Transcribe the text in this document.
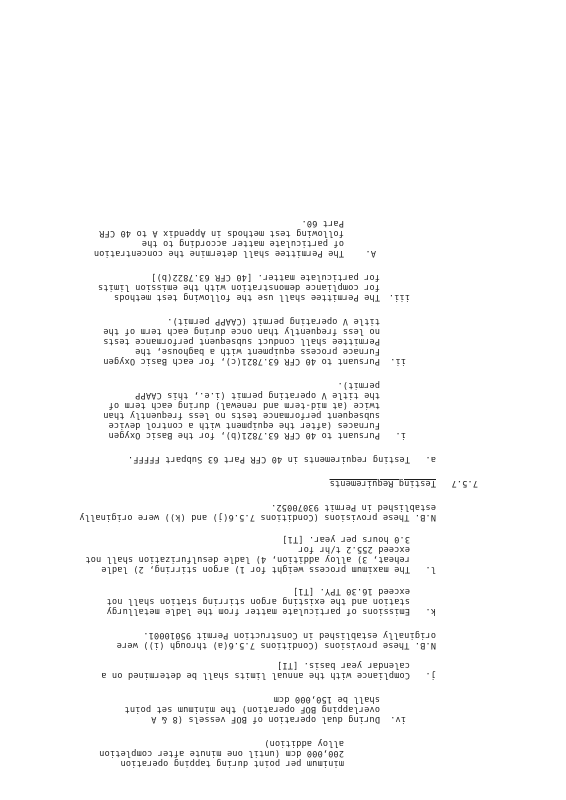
minimum per point during tapping operation
200,000 dcm (until one minute after completion
alloy addition)
iv.
During dual operation of BOF vessels (8 & A
overlapping BOF operation) the minimum set point
shall be 150,000 dcm
j.
Compliance with the annual limits shall be determined on a
calendar year basis. [TI]
N.B. These provisions (Conditions 7.5.6(a) through (i)) were originally established in Construction Permit 95010001.
k.
Emissions of particulate matter from the ladle metallurgy
station and the existing argon stirring station shall not
exceed 16.30 TPY. [T1]
l.
The maximum process weight for 1) argon stirring, 2) ladle
reheat, 3) alloy addition, 4) ladle desulfurization shall not exceed 255.2 t/hr for
3.0 hours per year. [T1]
N.B. These provisions (Conditions 7.5.6(j) and (k)) were originally established in Permit 93070052.
7.5.7
Testing Requirements
a.
Testing requirements in 40 CFR Part 63 Subpart FFFFF.
i.
Pursuant to 40 CFR 63.7821(b), for the Basic Oxygen
Furnaces (after the equipment with a control device
subsequent performance tests no less frequently than
twice (at mid-term and renewal) during each term of
the title V operating permit (i.e., this CAAPP
permit).
ii.
Pursuant to 40 CFR 63.7821(c), for each Basic Oxygen
Furnace process equipment with a baghouse, the
Permittee shall conduct subsequent performance tests
no less frequently than once during each term of the
title V operating permit (CAAPP permit).
iii.
The Permittee shall use the following test methods
for compliance demonstration with the emission limits
for particulate matter. [40 CFR 63.7822(b)]
A.
The Permittee shall determine the concentration
of particulate matter according to the
following test methods in Appendix A to 40 CFR
Part 60.
